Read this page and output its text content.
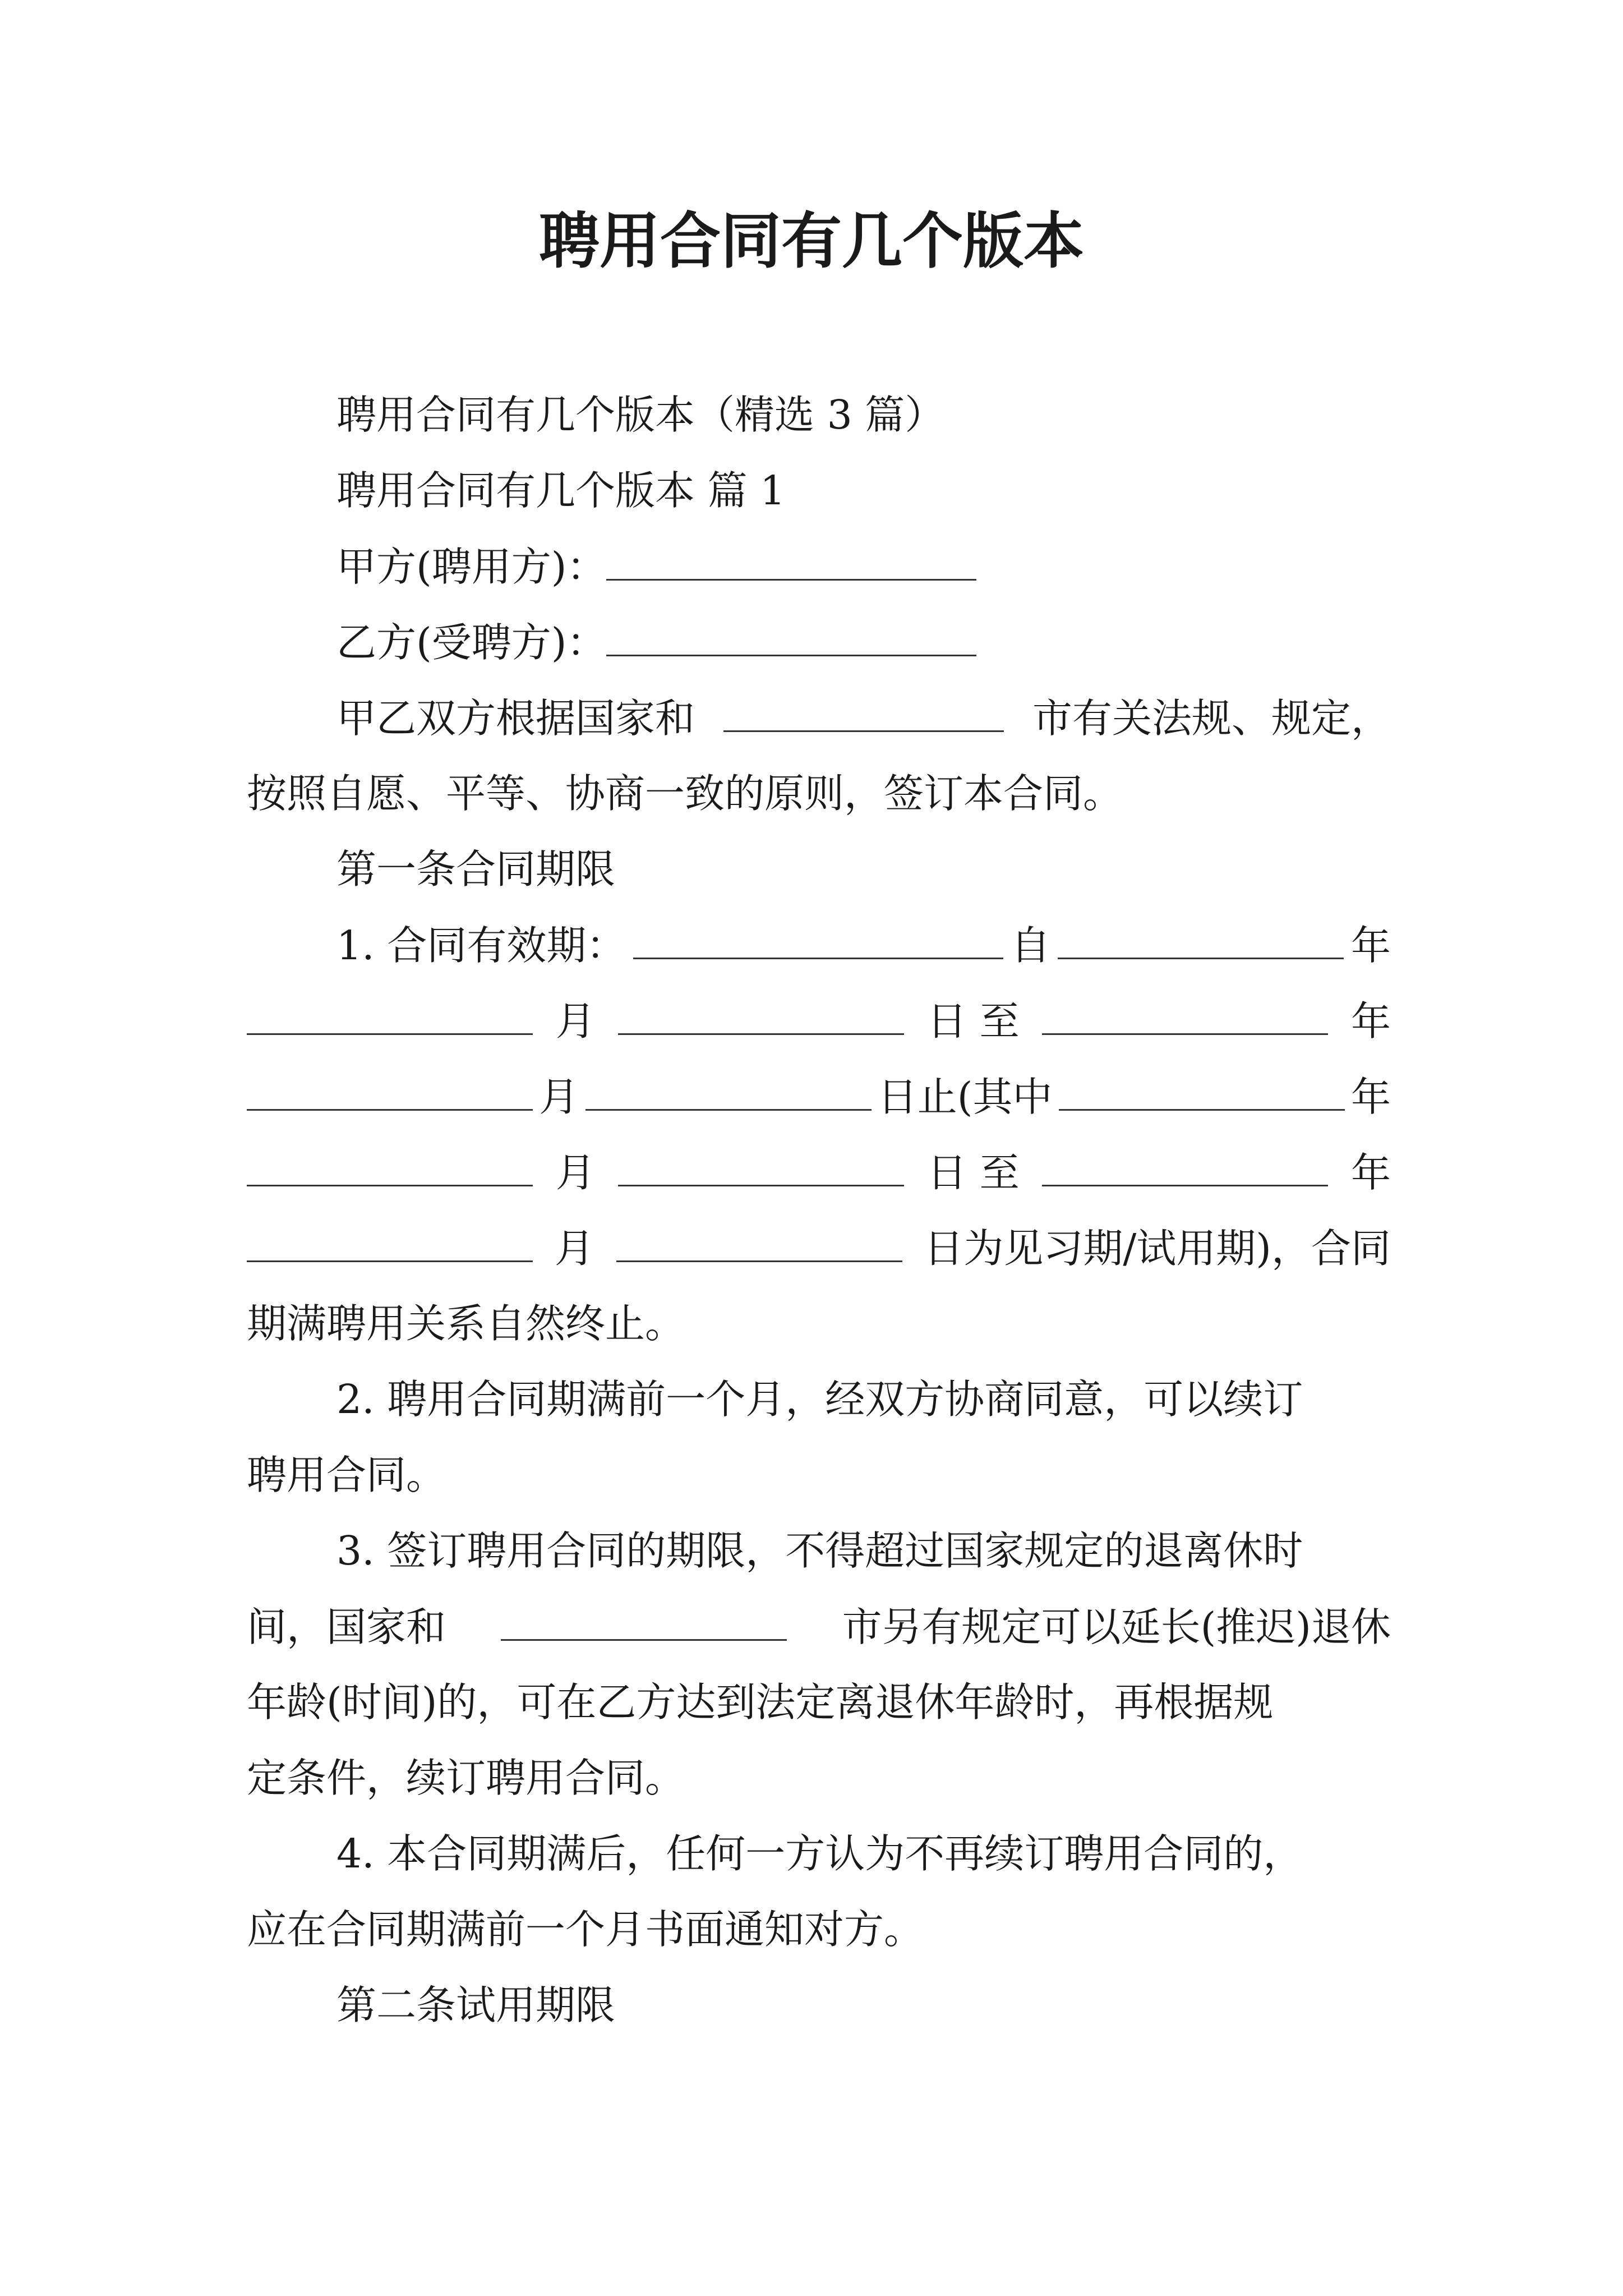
聘用合同有几个版本
聘用合同有几个版本（精选 3 篇）
聘用合同有几个版本 篇 1
甲方(聘用方)：
乙方(受聘方)：
甲乙双方根据国家和	市有关法规、规定，
按照自愿、平等、协商一致的原则，签订本合同。
第一条合同期限
1. 合同有效期：	自	年
月	日 至	年
月	日止(其中	年
月	日 至	年
月	日为见习期/试用期)，合同
期满聘用关系自然终止。
2. 聘用合同期满前一个月，经双方协商同意，可以续订
聘用合同。
3. 签订聘用合同的期限，不得超过国家规定的退离休时
间，国家和	市另有规定可以延长(推迟)退休
年龄(时间)的，可在乙方达到法定离退休年龄时，再根据规
定条件，续订聘用合同。
4. 本合同期满后，任何一方认为不再续订聘用合同的，
应在合同期满前一个月书面通知对方。
第二条试用期限
